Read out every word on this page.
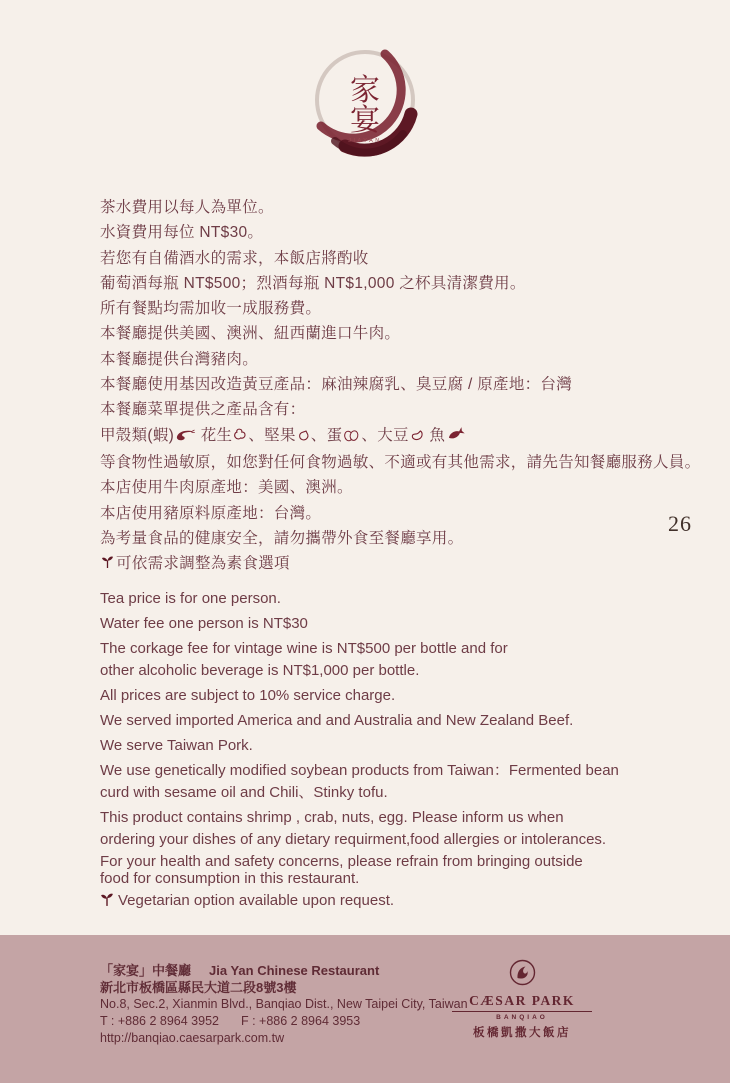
家
宴
JIAYAN
26
茶水費用以每人為單位。
水資費用每位 NT$30。
若您有自備酒水的需求，本飯店將酌收
葡萄酒每瓶 NT$500；烈酒每瓶 NT$1,000 之杯具清潔費用。
所有餐點均需加收一成服務費。
本餐廳提供美國、澳洲、紐西蘭進口牛肉。
本餐廳提供台灣豬肉。
本餐廳使用基因改造黃豆產品：麻油辣腐乳、臭豆腐 / 原產地：台灣
本餐廳菜單提供之產品含有：
甲殼類(蝦) 花生 、堅果 、蛋 、大豆 魚
等食物性過敏原，如您對任何食物過敏、不適或有其他需求，請先告知餐廳服務人員。
本店使用牛肉原產地：美國、澳洲。
本店使用豬原料原產地：台灣。
為考量食品的健康安全，請勿攜帶外食至餐廳享用。
可依需求調整為素食選項

Tea price is for one person.

Water fee one person is NT$30

The corkage fee for vintage wine is NT$500 per bottle and for
other alcoholic beverage is NT$1,000 per bottle.

All prices are subject to 10% service charge.

We served imported America and and Australia and New Zealand Beef.

We serve Taiwan Pork.

We use genetically modified soybean products from Taiwan：Fermented bean
curd with sesame oil and Chili、Stinky tofu.

This product contains shrimp , crab, nuts, egg. Please inform us when
ordering your dishes of any dietary requirment,food allergies or intolerances.

For your health and safety concerns, please refrain from bringing outside
food for consumption in this restaurant.

Vegetarian option available upon request.

「家宴」中餐廳 Jia Yan Chinese Restaurant
新北市板橋區縣民大道二段8號3樓
No.8, Sec.2, Xianmin Blvd., Banqiao Dist., New Taipei City, Taiwan
T : +886 2 8964 3952 F : +886 2 8964 3953
http://banqiao.caesarpark.com.tw
CÆSAR PARK
BANQIAO
板橋凱撒大飯店
